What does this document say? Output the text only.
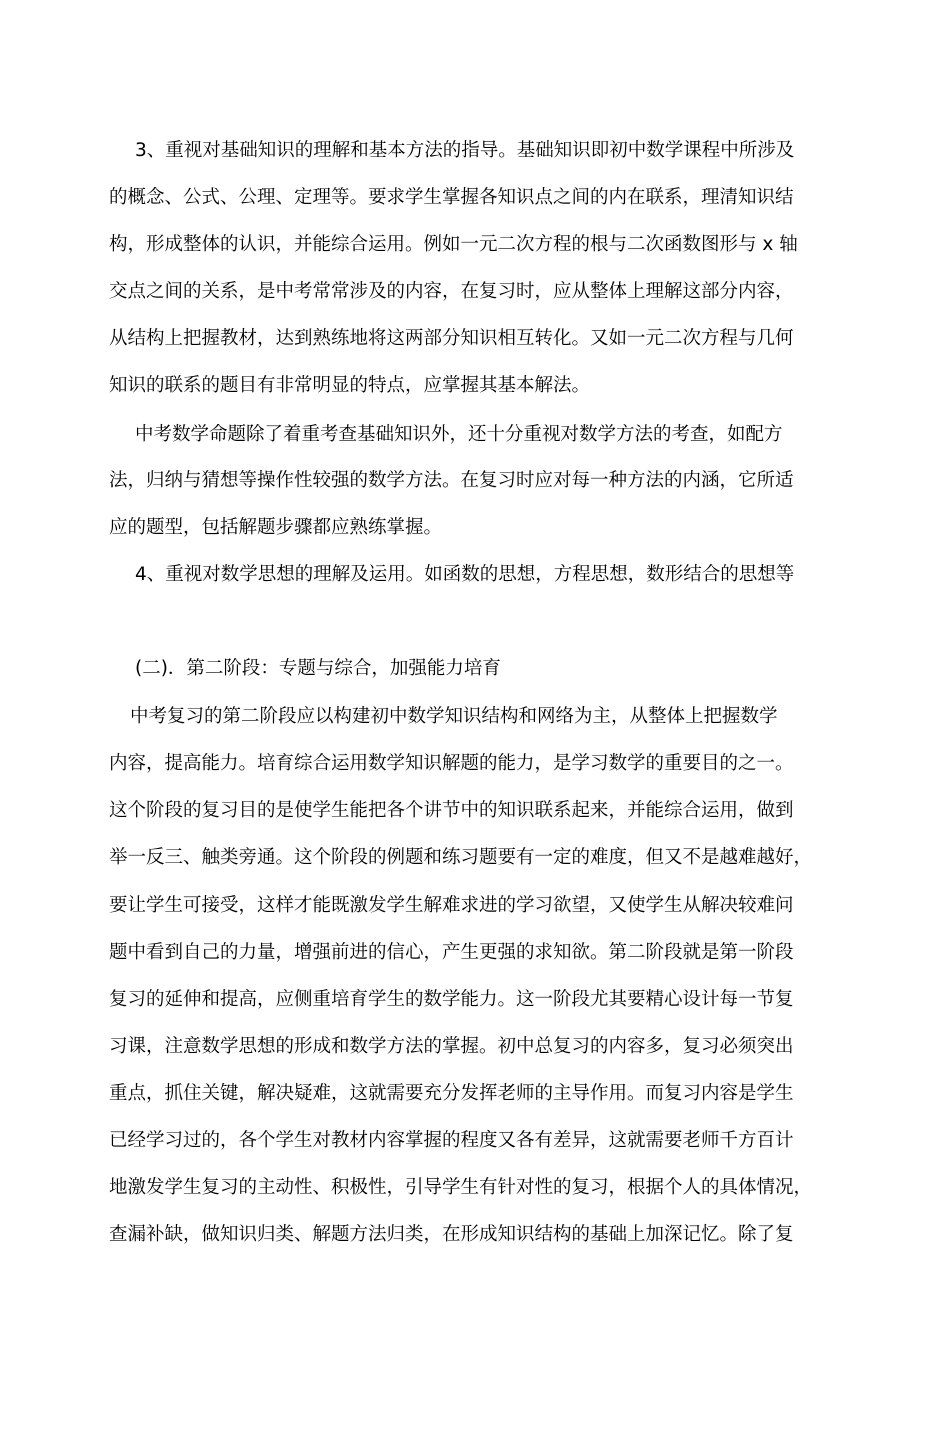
3、重视对基础知识的理解和基本方法的指导。基础知识即初中数学课程中所涉及
的概念、公式、公理、定理等。要求学生掌握各知识点之间的内在联系，理清知识结
构，形成整体的认识，并能综合运用。例如一元二次方程的根与二次函数图形与 x 轴
交点之间的关系，是中考常常涉及的内容，在复习时，应从整体上理解这部分内容，
从结构上把握教材，达到熟练地将这两部分知识相互转化。又如一元二次方程与几何
知识的联系的题目有非常明显的特点，应掌握其基本解法。
中考数学命题除了着重考查基础知识外，还十分重视对数学方法的考查，如配方
法，归纳与猜想等操作性较强的数学方法。在复习时应对每一种方法的内涵，它所适
应的题型，包括解题步骤都应熟练掌握。
4、重视对数学思想的理解及运用。如函数的思想，方程思想，数形结合的思想等
(二)．第二阶段：专题与综合，加强能力培育
中考复习的第二阶段应以构建初中数学知识结构和网络为主，从整体上把握数学
内容，提高能力。培育综合运用数学知识解题的能力，是学习数学的重要目的之一。
这个阶段的复习目的是使学生能把各个讲节中的知识联系起来，并能综合运用，做到
举一反三、触类旁通。这个阶段的例题和练习题要有一定的难度，但又不是越难越好，
要让学生可接受，这样才能既激发学生解难求进的学习欲望，又使学生从解决较难问
题中看到自己的力量，增强前进的信心，产生更强的求知欲。第二阶段就是第一阶段
复习的延伸和提高，应侧重培育学生的数学能力。这一阶段尤其要精心设计每一节复
习课，注意数学思想的形成和数学方法的掌握。初中总复习的内容多，复习必须突出
重点，抓住关键，解决疑难，这就需要充分发挥老师的主导作用。而复习内容是学生
已经学习过的，各个学生对教材内容掌握的程度又各有差异，这就需要老师千方百计
地激发学生复习的主动性、积极性，引导学生有针对性的复习，根据个人的具体情况，
查漏补缺，做知识归类、解题方法归类，在形成知识结构的基础上加深记忆。除了复
